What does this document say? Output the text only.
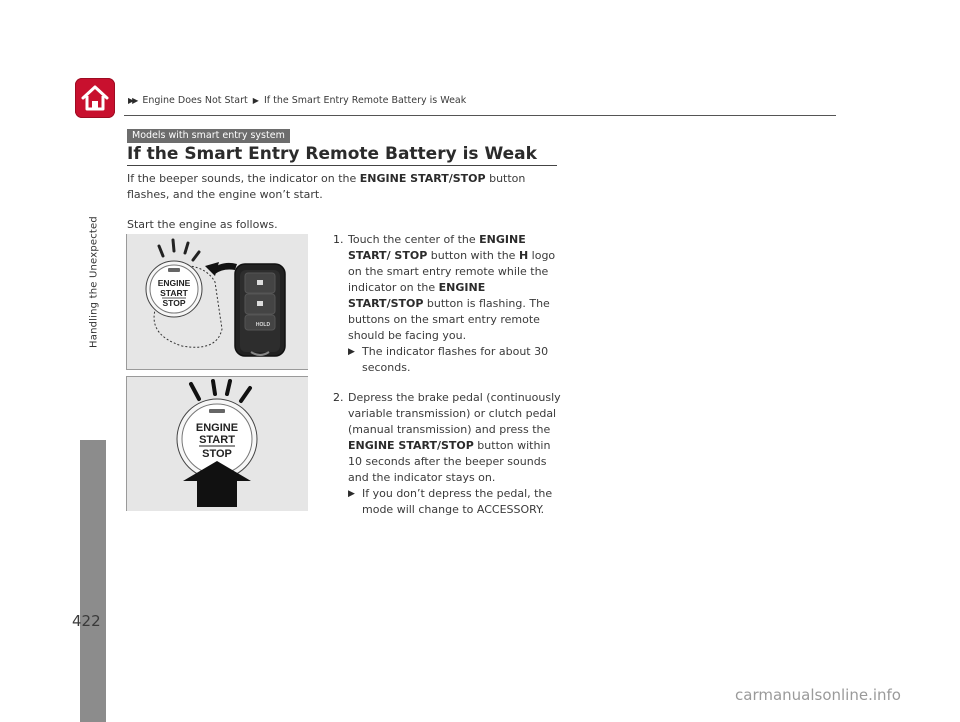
▶▶ Engine Does Not Start ▶ If the Smart Entry Remote Battery is Weak
Handling the Unexpected
Models with smart entry system
If the Smart Entry Remote Battery is Weak
If the beeper sounds, the indicator on the ENGINE START/STOP button flashes, and the engine won’t start.
Start the engine as follows.
ENGINE
START
STOP
HOLD
ENGINE
START
STOP
1. Touch the center of the ENGINE START/ STOP button with the H logo on the smart entry remote while the indicator on the ENGINE START/STOP button is flashing. The buttons on the smart entry remote should be facing you.
▶ The indicator flashes for about 30 seconds.
2. Depress the brake pedal (continuously variable transmission) or clutch pedal (manual transmission) and press the ENGINE START/STOP button within 10 seconds after the beeper sounds and the indicator stays on.
▶ If you don’t depress the pedal, the mode will change to ACCESSORY.
422
carmanualsonline.info
